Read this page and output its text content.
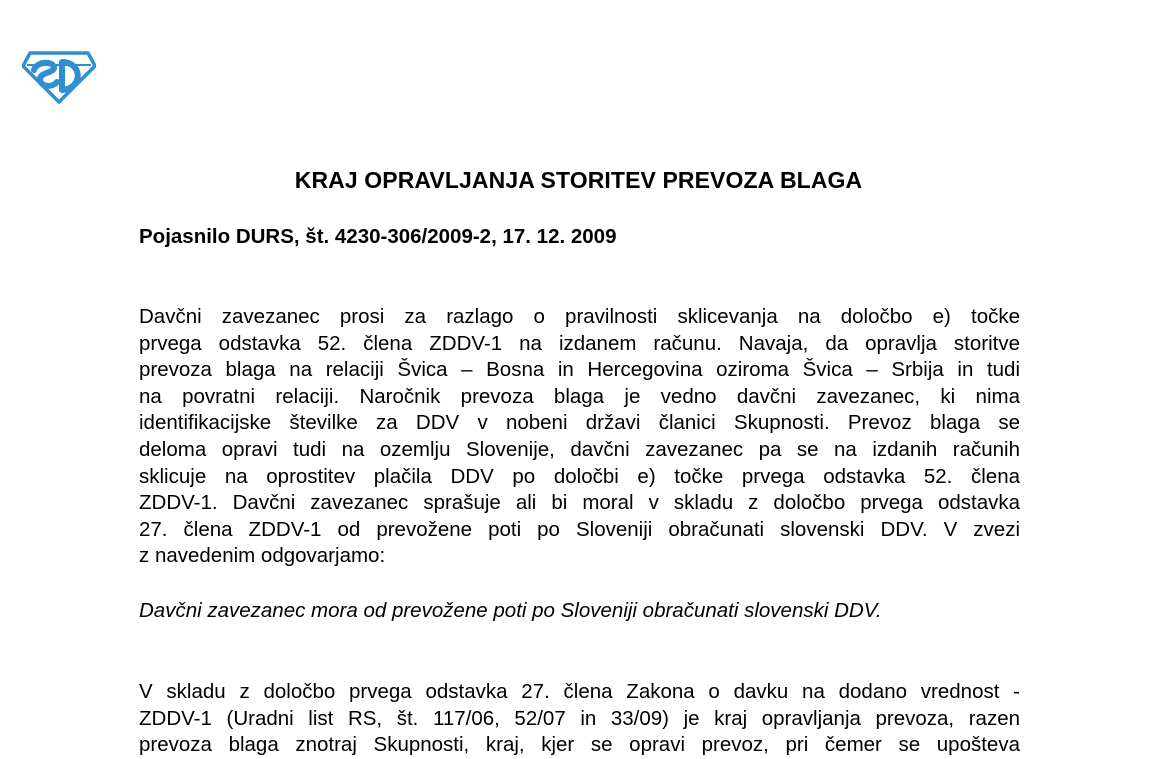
KRAJ OPRAVLJANJA STORITEV PREVOZA BLAGA

Pojasnilo DURS, št. 4230-306/2009-2, 17. 12. 2009

Davčni zavezanec prosi za razlago o pravilnosti sklicevanja na določbo e) točke
prvega odstavka 52. člena ZDDV-1 na izdanem računu. Navaja, da opravlja storitve
prevoza blaga na relaciji Švica – Bosna in Hercegovina oziroma Švica – Srbija in tudi
na povratni relaciji. Naročnik prevoza blaga je vedno davčni zavezanec, ki nima
identifikacijske številke za DDV v nobeni državi članici Skupnosti. Prevoz blaga se
deloma opravi tudi na ozemlju Slovenije, davčni zavezanec pa se na izdanih računih
sklicuje na oprostitev plačila DDV po določbi e) točke prvega odstavka 52. člena
ZDDV-1. Davčni zavezanec sprašuje ali bi moral v skladu z določbo prvega odstavka
27. člena ZDDV-1 od prevožene poti po Sloveniji obračunati slovenski DDV. V zvezi
z navedenim odgovarjamo:

Davčni zavezanec mora od prevožene poti po Sloveniji obračunati slovenski DDV.

V skladu z določbo prvega odstavka 27. člena Zakona o davku na dodano vrednost -
ZDDV-1 (Uradni list RS, št. 117/06, 52/07 in 33/09) je kraj opravljanja prevoza, razen
prevoza blaga znotraj Skupnosti, kraj, kjer se opravi prevoz, pri čemer se upošteva
